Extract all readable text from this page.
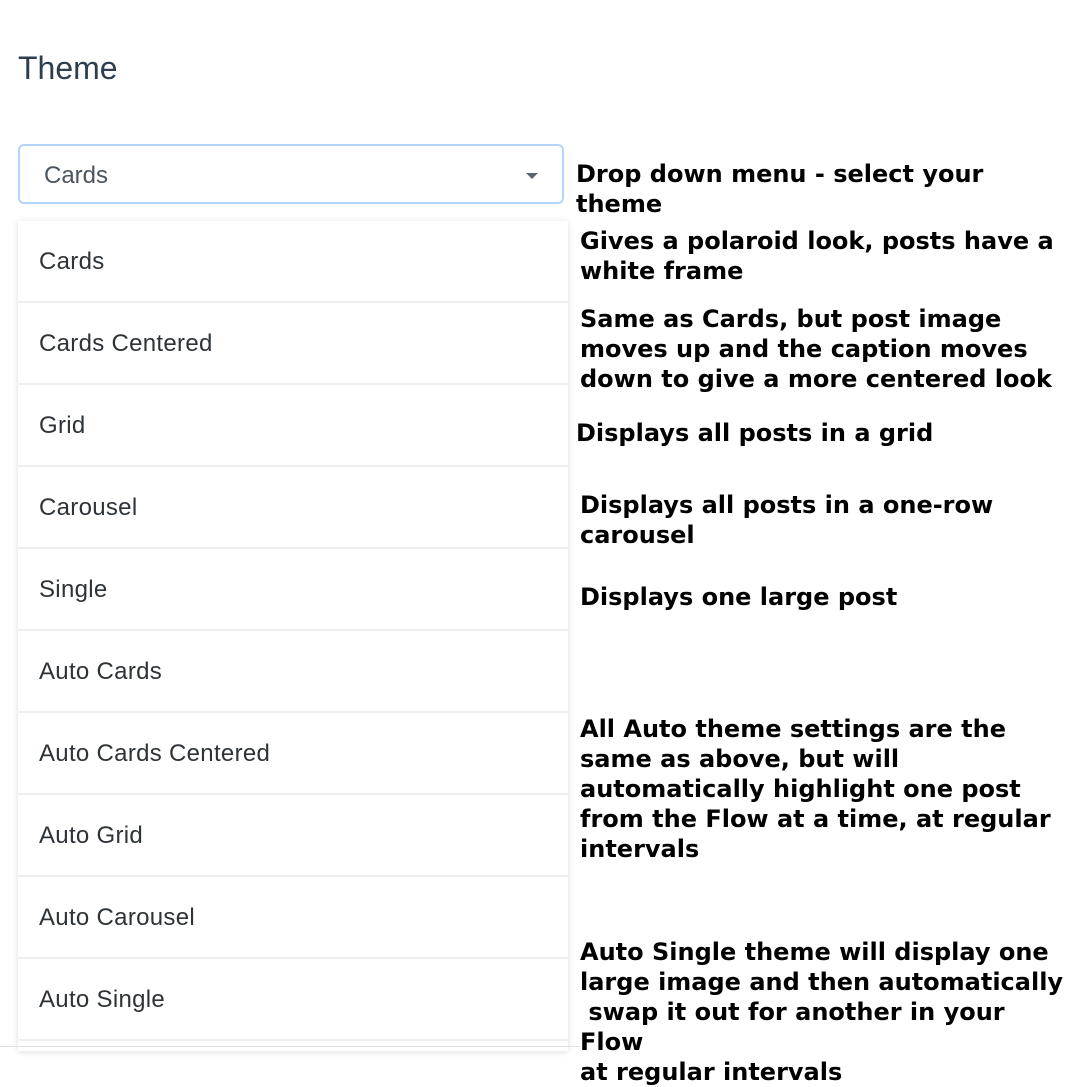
Theme
Cards
Cards
Cards Centered
Grid
Carousel
Single
Auto Cards
Auto Cards Centered
Auto Grid
Auto Carousel
Auto Single
Drop down menu - select your theme
Gives a polaroid look, posts have a
white frame
Same as Cards, but post image
moves up and the caption moves
down to give a more centered look
Displays all posts in a grid
Displays all posts in a one-row
carousel
Displays one large post
All Auto theme settings are the
same as above, but will
automatically highlight one post
from the Flow at a time, at regular
intervals
Auto Single theme will display one
large image and then automatically
swap it out for another in your Flow
at regular intervals
